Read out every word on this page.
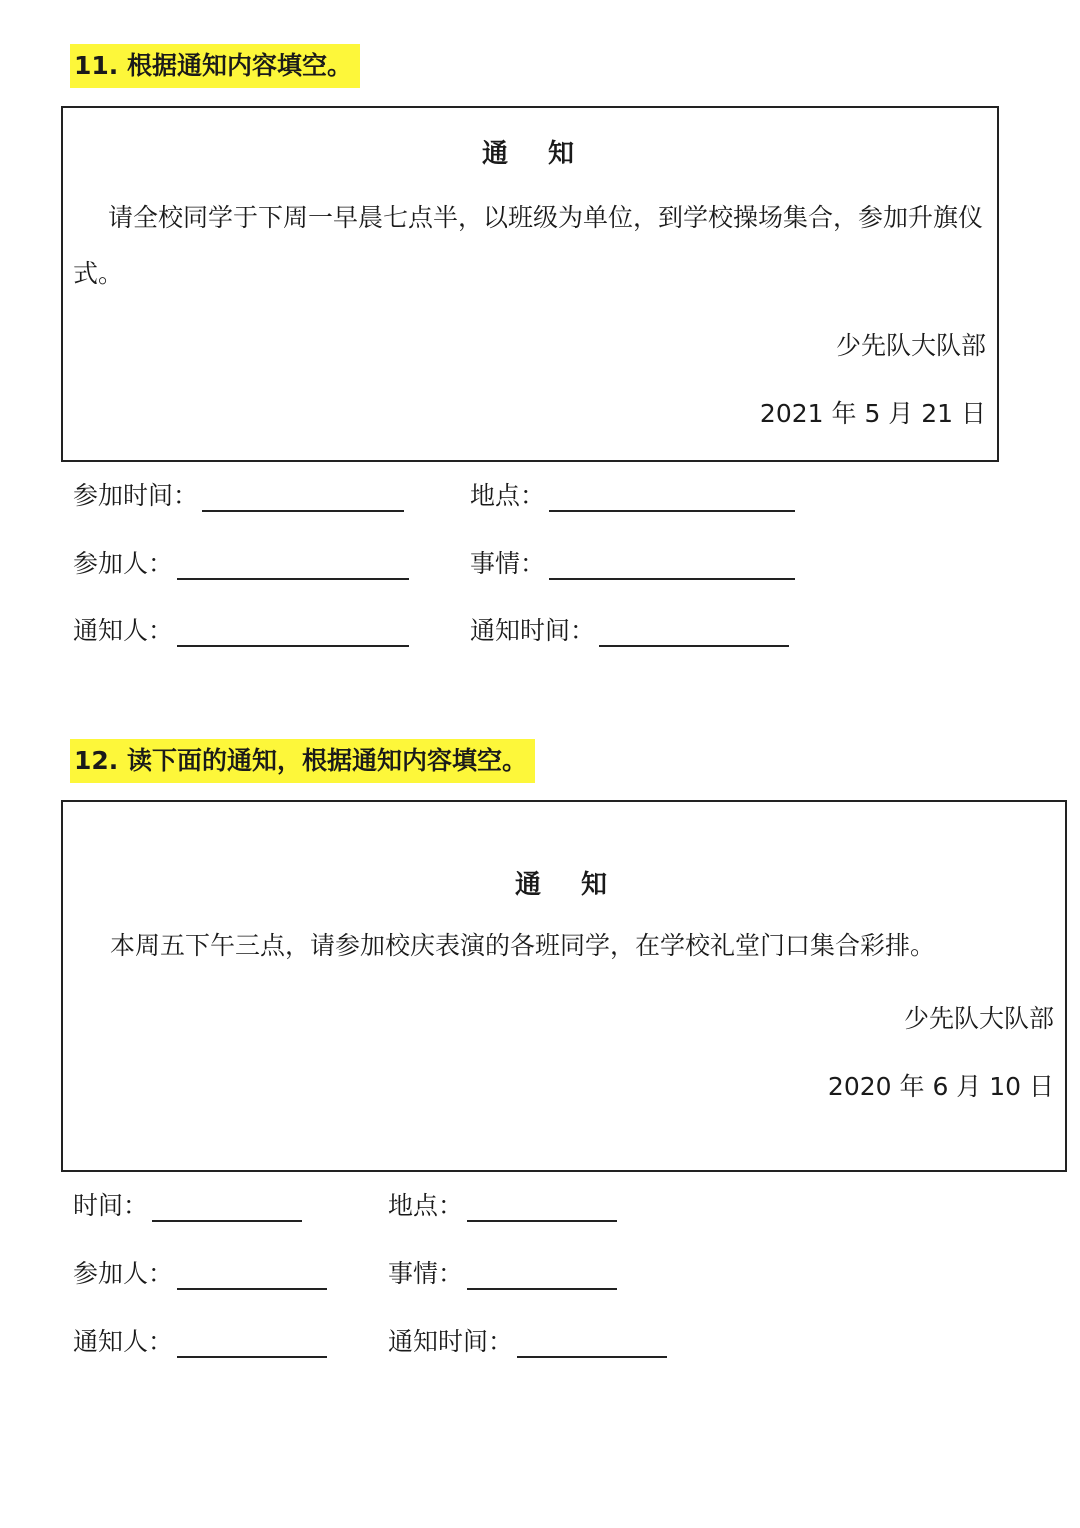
11. 根据通知内容填空。
通知
　请全校同学于下周一早晨七点半，以班级为单位，到学校操场集合，参加升旗仪式。
少先队大队部
2021 年 5 月 21 日
参加时间：	地点：
参加人：	事情：
通知人：	通知时间：
12. 读下面的通知，根据通知内容填空。
通知
本周五下午三点，请参加校庆表演的各班同学，在学校礼堂门口集合彩排。
少先队大队部
2020 年 6 月 10 日
时间：	地点：
参加人：	事情：
通知人：	通知时间：
